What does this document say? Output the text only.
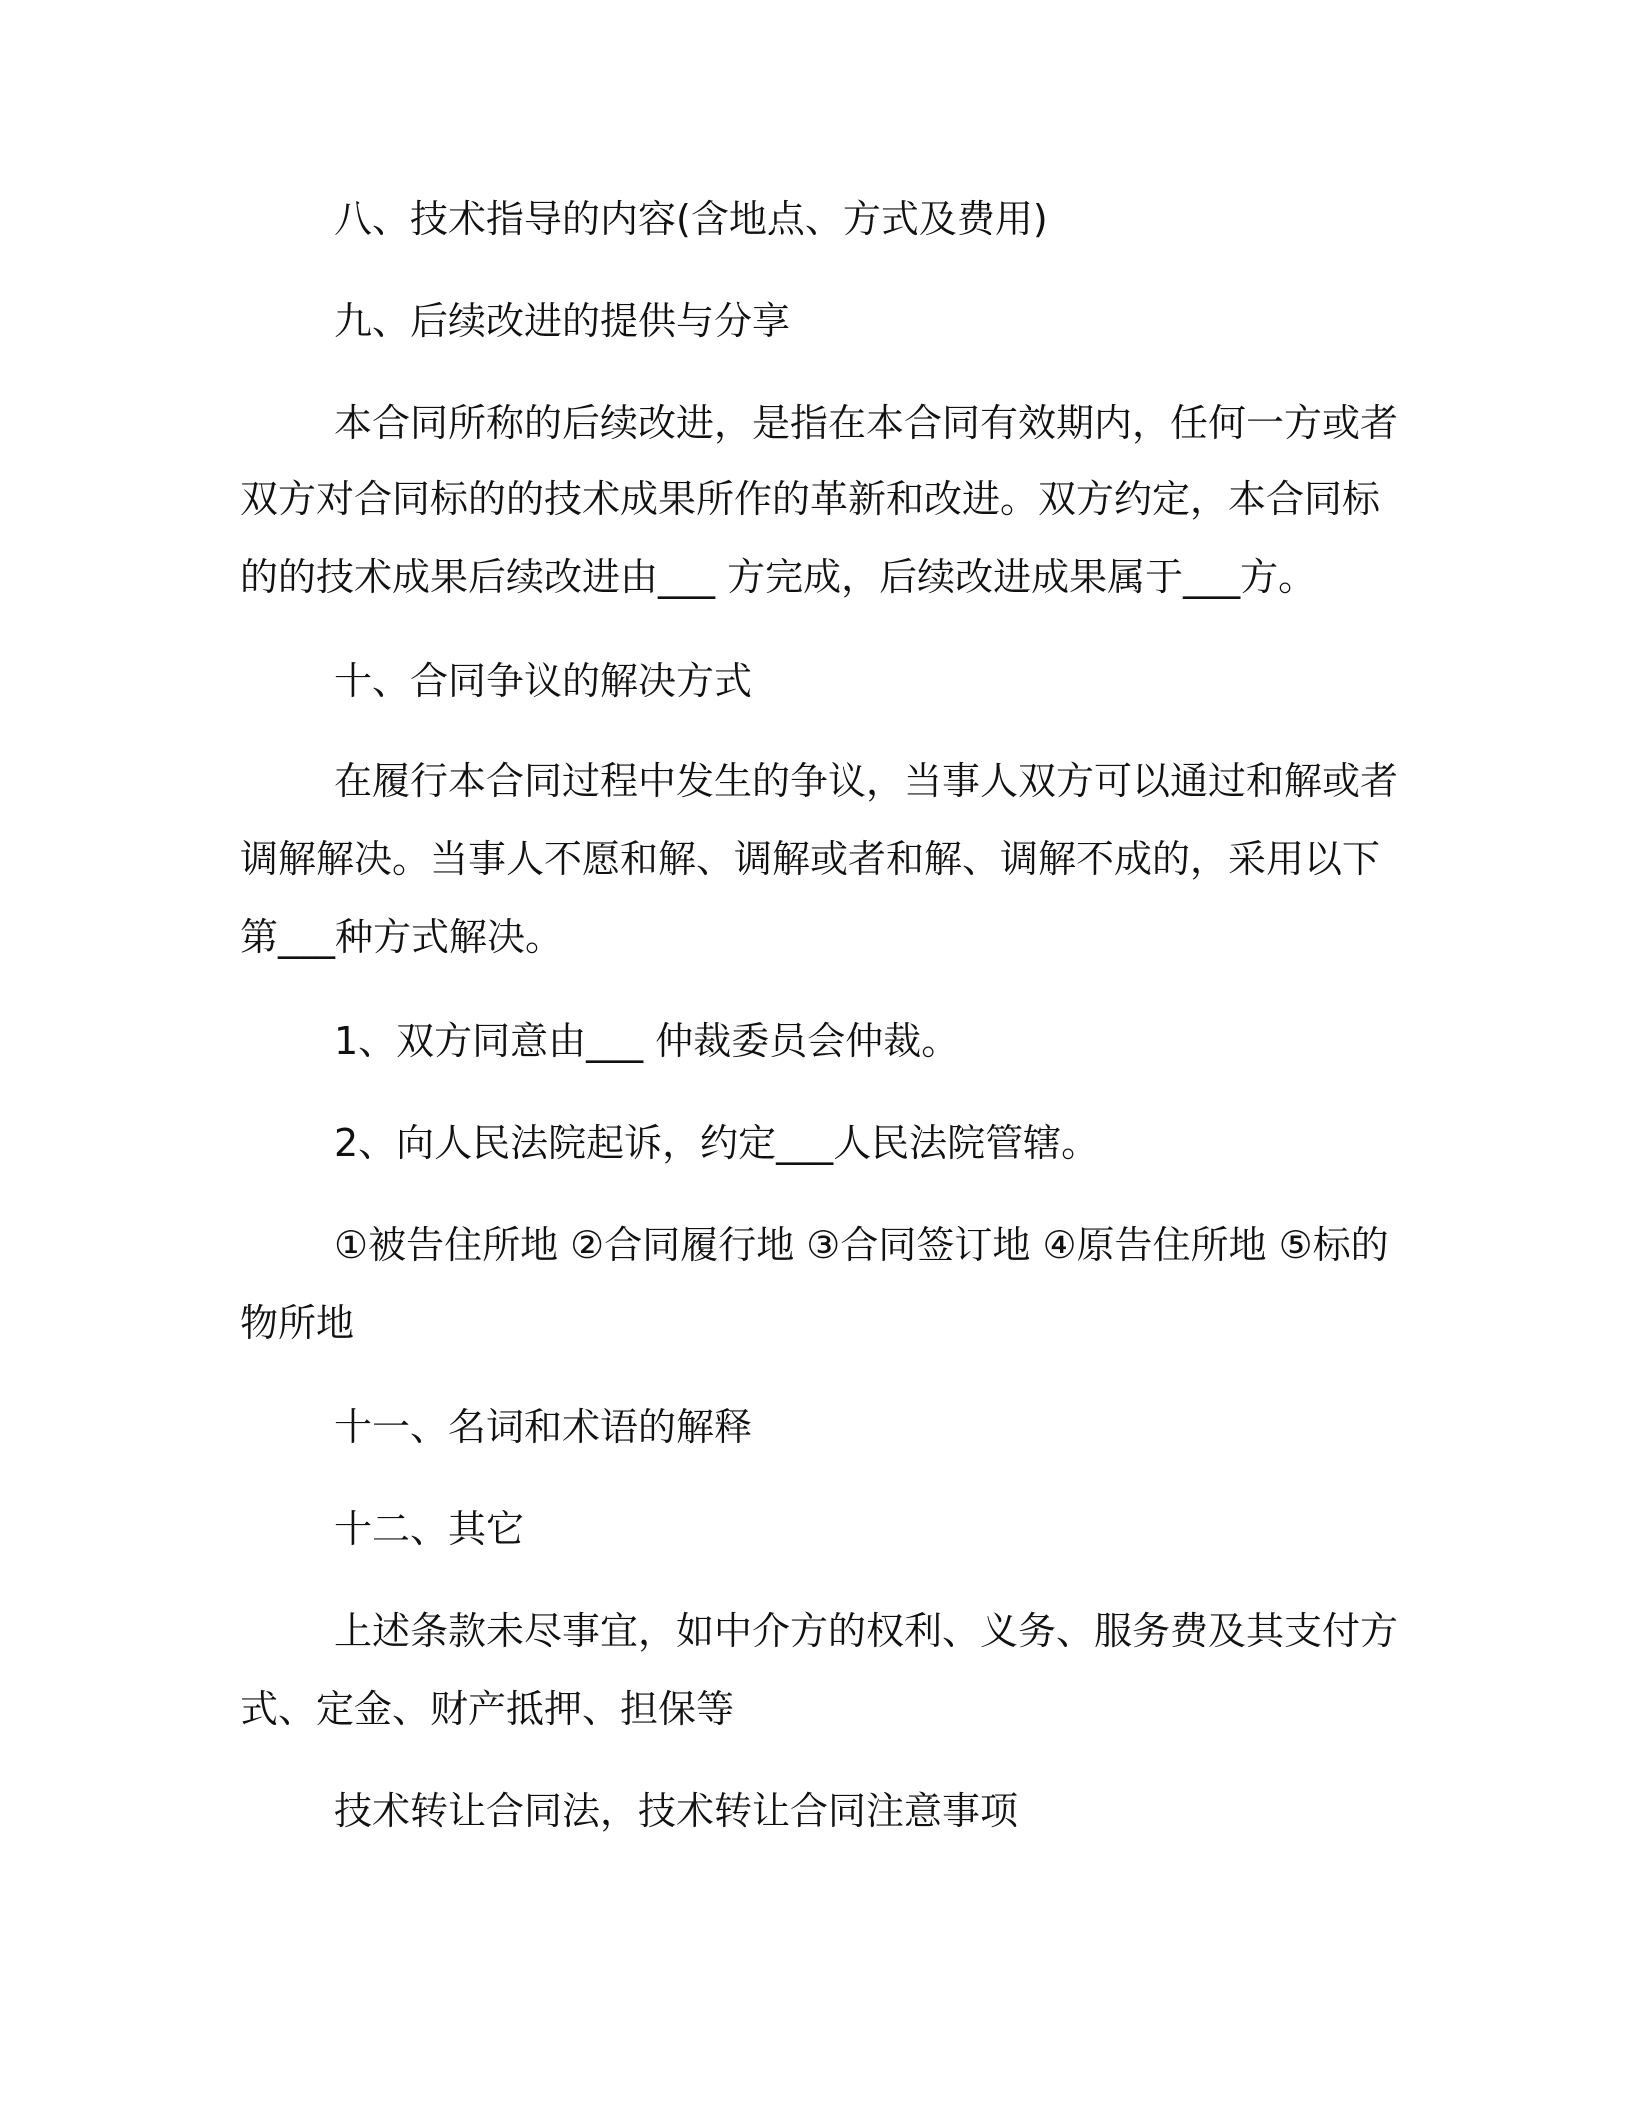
八、技术指导的内容(含地点、方式及费用)
九、后续改进的提供与分享
本合同所称的后续改进，是指在本合同有效期内，任何一方或者
双方对合同标的的技术成果所作的革新和改进。双方约定，本合同标
的的技术成果后续改进由___ 方完成，后续改进成果属于___方。
十、合同争议的解决方式
在履行本合同过程中发生的争议，当事人双方可以通过和解或者
调解解决。当事人不愿和解、调解或者和解、调解不成的，采用以下
第___种方式解决。
1、双方同意由___ 仲裁委员会仲裁。
2、向人民法院起诉，约定___人民法院管辖。
①被告住所地 ②合同履行地 ③合同签订地 ④原告住所地 ⑤标的
物所地
十一、名词和术语的解释
十二、其它
上述条款未尽事宜，如中介方的权利、义务、服务费及其支付方
式、定金、财产抵押、担保等
技术转让合同法，技术转让合同注意事项
